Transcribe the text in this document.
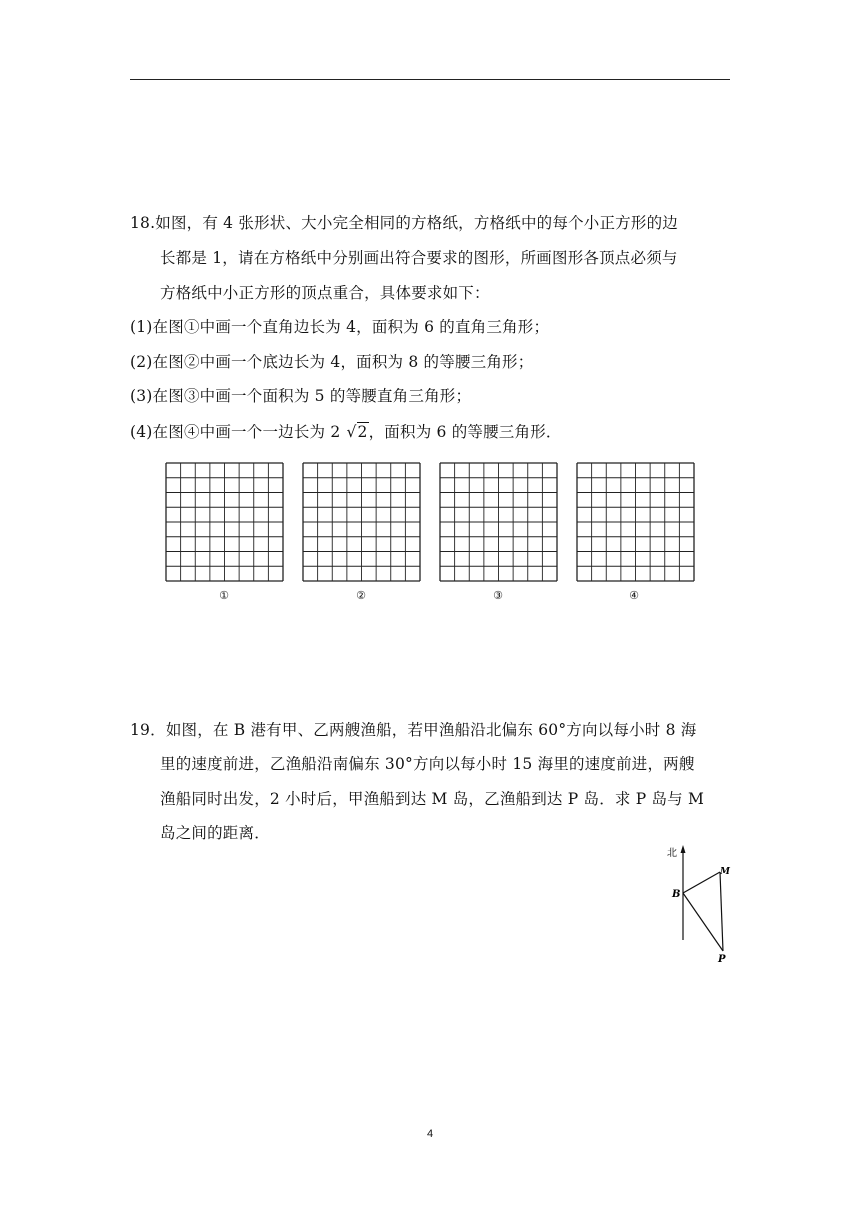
18.如图，有 4 张形状、大小完全相同的方格纸，方格纸中的每个小正方形的边
长都是 1，请在方格纸中分别画出符合要求的图形，所画图形各顶点必须与
方格纸中小正方形的顶点重合，具体要求如下：
(1)在图①中画一个直角边长为 4，面积为 6 的直角三角形；
(2)在图②中画一个底边长为 4，面积为 8 的等腰三角形；
(3)在图③中画一个面积为 5 的等腰直角三角形；
(4)在图④中画一个一边长为 2 √2，面积为 6 的等腰三角形．
①	②	③	④
19．如图，在 B 港有甲、乙两艘渔船，若甲渔船沿北偏东 60°方向以每小时 8 海
里的速度前进，乙渔船沿南偏东 30°方向以每小时 15 海里的速度前进，两艘
渔船同时出发，2 小时后，甲渔船到达 M 岛，乙渔船到达 P 岛．求 P 岛与 M
岛之间的距离．
北
B
M
P
4
